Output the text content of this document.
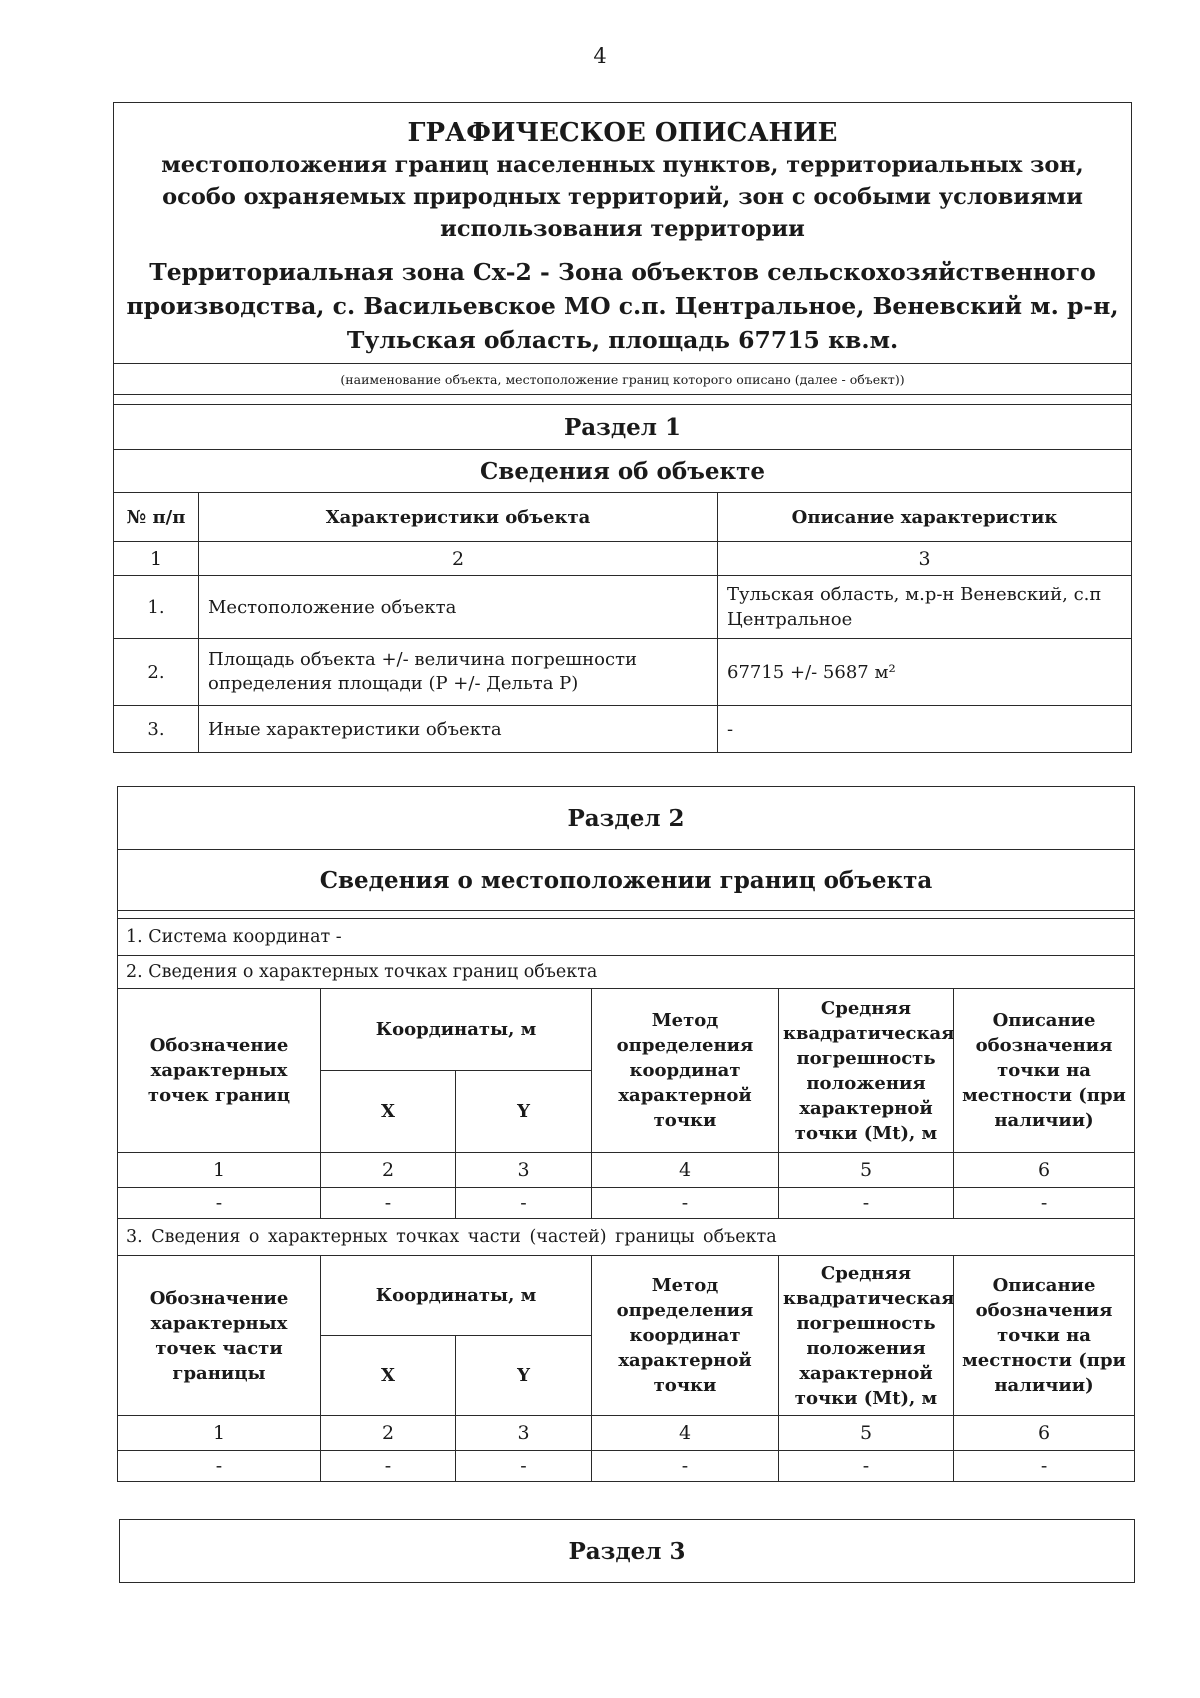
4
ГРАФИЧЕСКОЕ ОПИСАНИЕ
местоположения границ населенных пунктов, территориальных зон, особо охраняемых природных территорий, зон с особыми условиями использования территории
Территориальная зона Сх-2 - Зона объектов сельскохозяйственного производства, с. Васильевское МО с.п. Центральное, Веневский м. р-н, Тульская область, площадь 67715 кв.м.		

(наименование объекта, местоположение границ которого описано (далее - объект))		

Раздел 1		
Сведения об объекте		
№ п/п	Характеристики объекта	Описание характеристик
1	2	3
1.	Местоположение объекта	Тульская область, м.р-н Веневский, с.п Центральное
2.	Площадь объекта +/- величина погрешности определения площади (Р +/- Дельта Р)	67715 +/- 5687 м²
3.	Иные характеристики объекта	-
Раздел 2					
Сведения о местоположении границ объекта					

1. Система координат -					
2. Сведения о характерных точках границ объекта					
Обозначение характерных точек границ	Координаты, м		Метод определения координат характерной точки	Средняя квадратическая погрешность положения характерной точки (Mt), м	Описание обозначения точки на местности (при наличии)
	X	Y			
1	2	3	4	5	6
-	-	-	-	-	-
3. Сведения о характерных точках части (частей) границы объекта					
Обозначение характерных точек части границы	Координаты, м		Метод определения координат характерной точки	Средняя квадратическая погрешность положения характерной точки (Mt), м	Описание обозначения точки на местности (при наличии)
	X	Y			
1	2	3	4	5	6
-	-	-	-	-	-
Раздел 3
